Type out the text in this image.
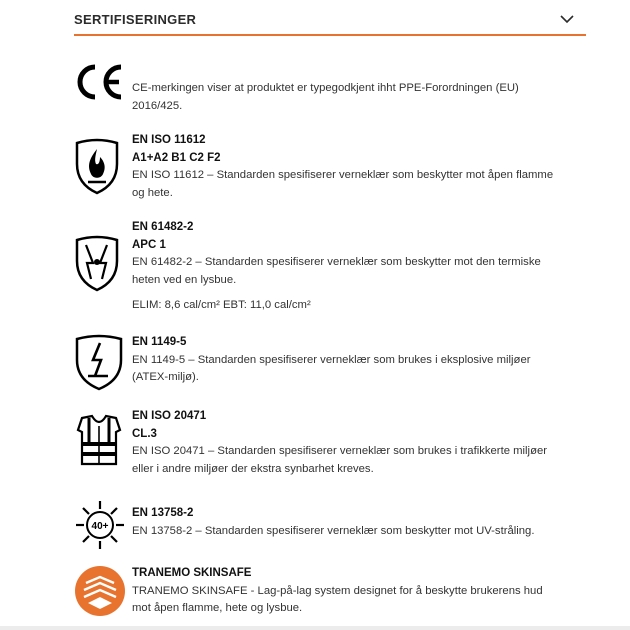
SERTIFISERINGER
CE-merkingen viser at produktet er typegodkjent ihht PPE-Forordningen (EU) 2016/425.
EN ISO 11612
A1+A2 B1 C2 F2
EN ISO 11612 – Standarden spesifiserer verneklær som beskytter mot åpen flamme og hete.
EN 61482-2
APC 1
EN 61482-2 – Standarden spesifiserer verneklær som beskytter mot den termiske heten ved en lysbue.
ELIM: 8,6 cal/cm² EBT: 11,0 cal/cm²
EN 1149-5
EN 1149-5 – Standarden spesifiserer verneklær som brukes i eksplosive miljøer (ATEX-miljø).
EN ISO 20471
CL.3
EN ISO 20471 – Standarden spesifiserer verneklær som brukes i trafikkerte miljøer eller i andre miljøer der ekstra synbarhet kreves.
40+
EN 13758-2
EN 13758-2 – Standarden spesifiserer verneklær som beskytter mot UV-stråling.
TRANEMO SKINSAFE
TRANEMO SKINSAFE - Lag-på-lag system designet for å beskytte brukerens hud mot åpen flamme, hete og lysbue.
